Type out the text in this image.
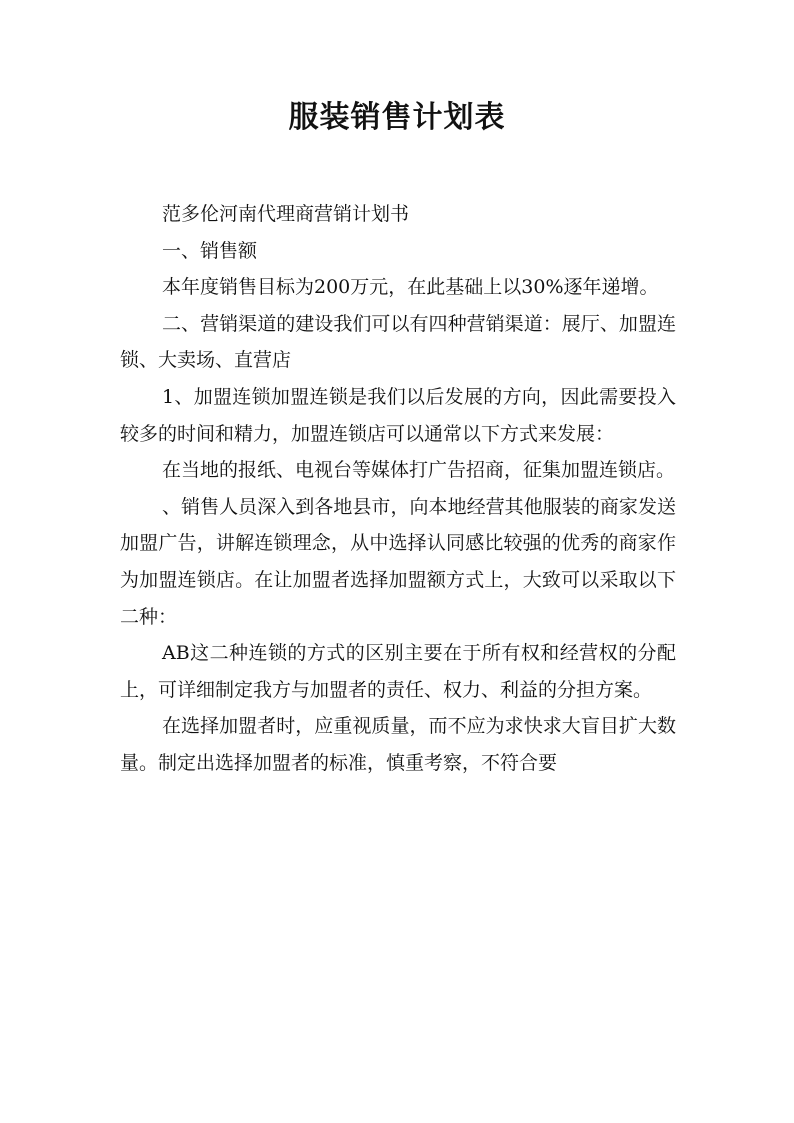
服装销售计划表

范多伦河南代理商营销计划书

一、销售额

本年度销售目标为200万元，在此基础上以30%逐年递增。

二、营销渠道的建设我们可以有四种营销渠道：展厅、加盟连锁、大卖场、直营店

1、加盟连锁加盟连锁是我们以后发展的方向，因此需要投入较多的时间和精力，加盟连锁店可以通常以下方式来发展：

在当地的报纸、电视台等媒体打广告招商，征集加盟连锁店。

、销售人员深入到各地县市，向本地经营其他服装的商家发送加盟广告，讲解连锁理念，从中选择认同感比较强的优秀的商家作为加盟连锁店。在让加盟者选择加盟额方式上，大致可以采取以下二种：

AB这二种连锁的方式的区别主要在于所有权和经营权的分配上，可详细制定我方与加盟者的责任、权力、利益的分担方案。

在选择加盟者时，应重视质量，而不应为求快求大盲目扩大数量。制定出选择加盟者的标准，慎重考察，不符合要
